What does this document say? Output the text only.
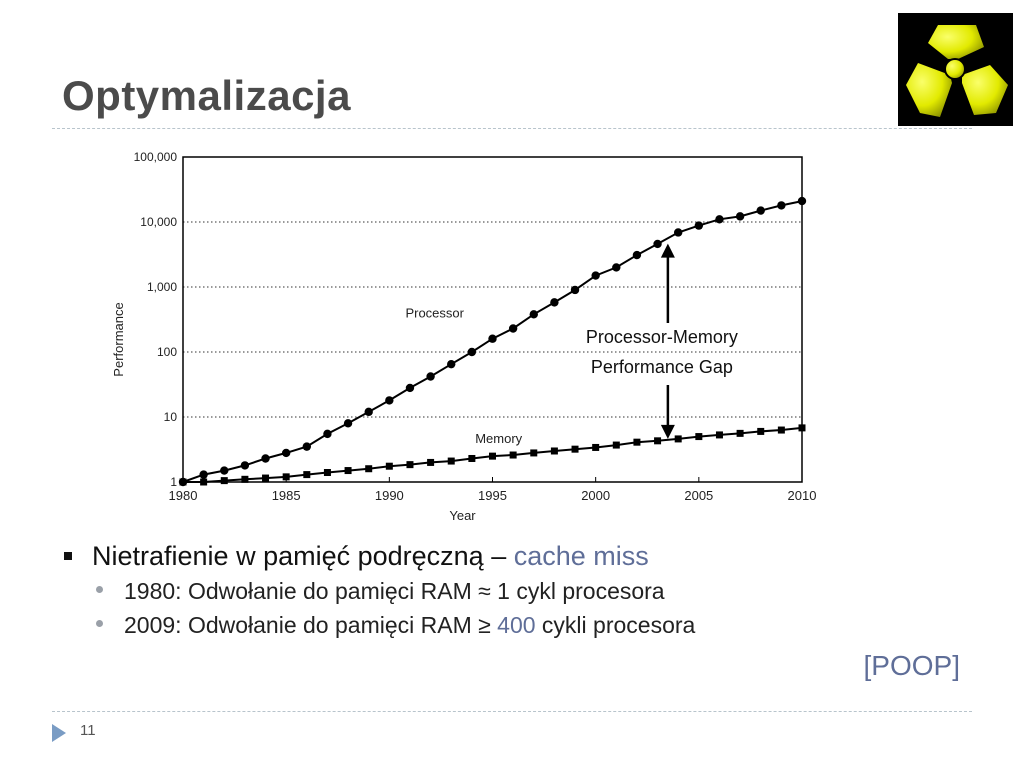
Optymalizacja
1
10
100
1,000
10,000
100,000
1980	1985	1990	1995	2000	2005	2010
Year
Performance	Processor
Memory
Processor-Memory
Performance Gap
Nietrafienie w pamięć podręczną – cache miss
1980: Odwołanie do pamięci RAM ≈ 1 cykl procesora
2009: Odwołanie do pamięci RAM ≥ 400 cykli procesora
[POOP]
11
